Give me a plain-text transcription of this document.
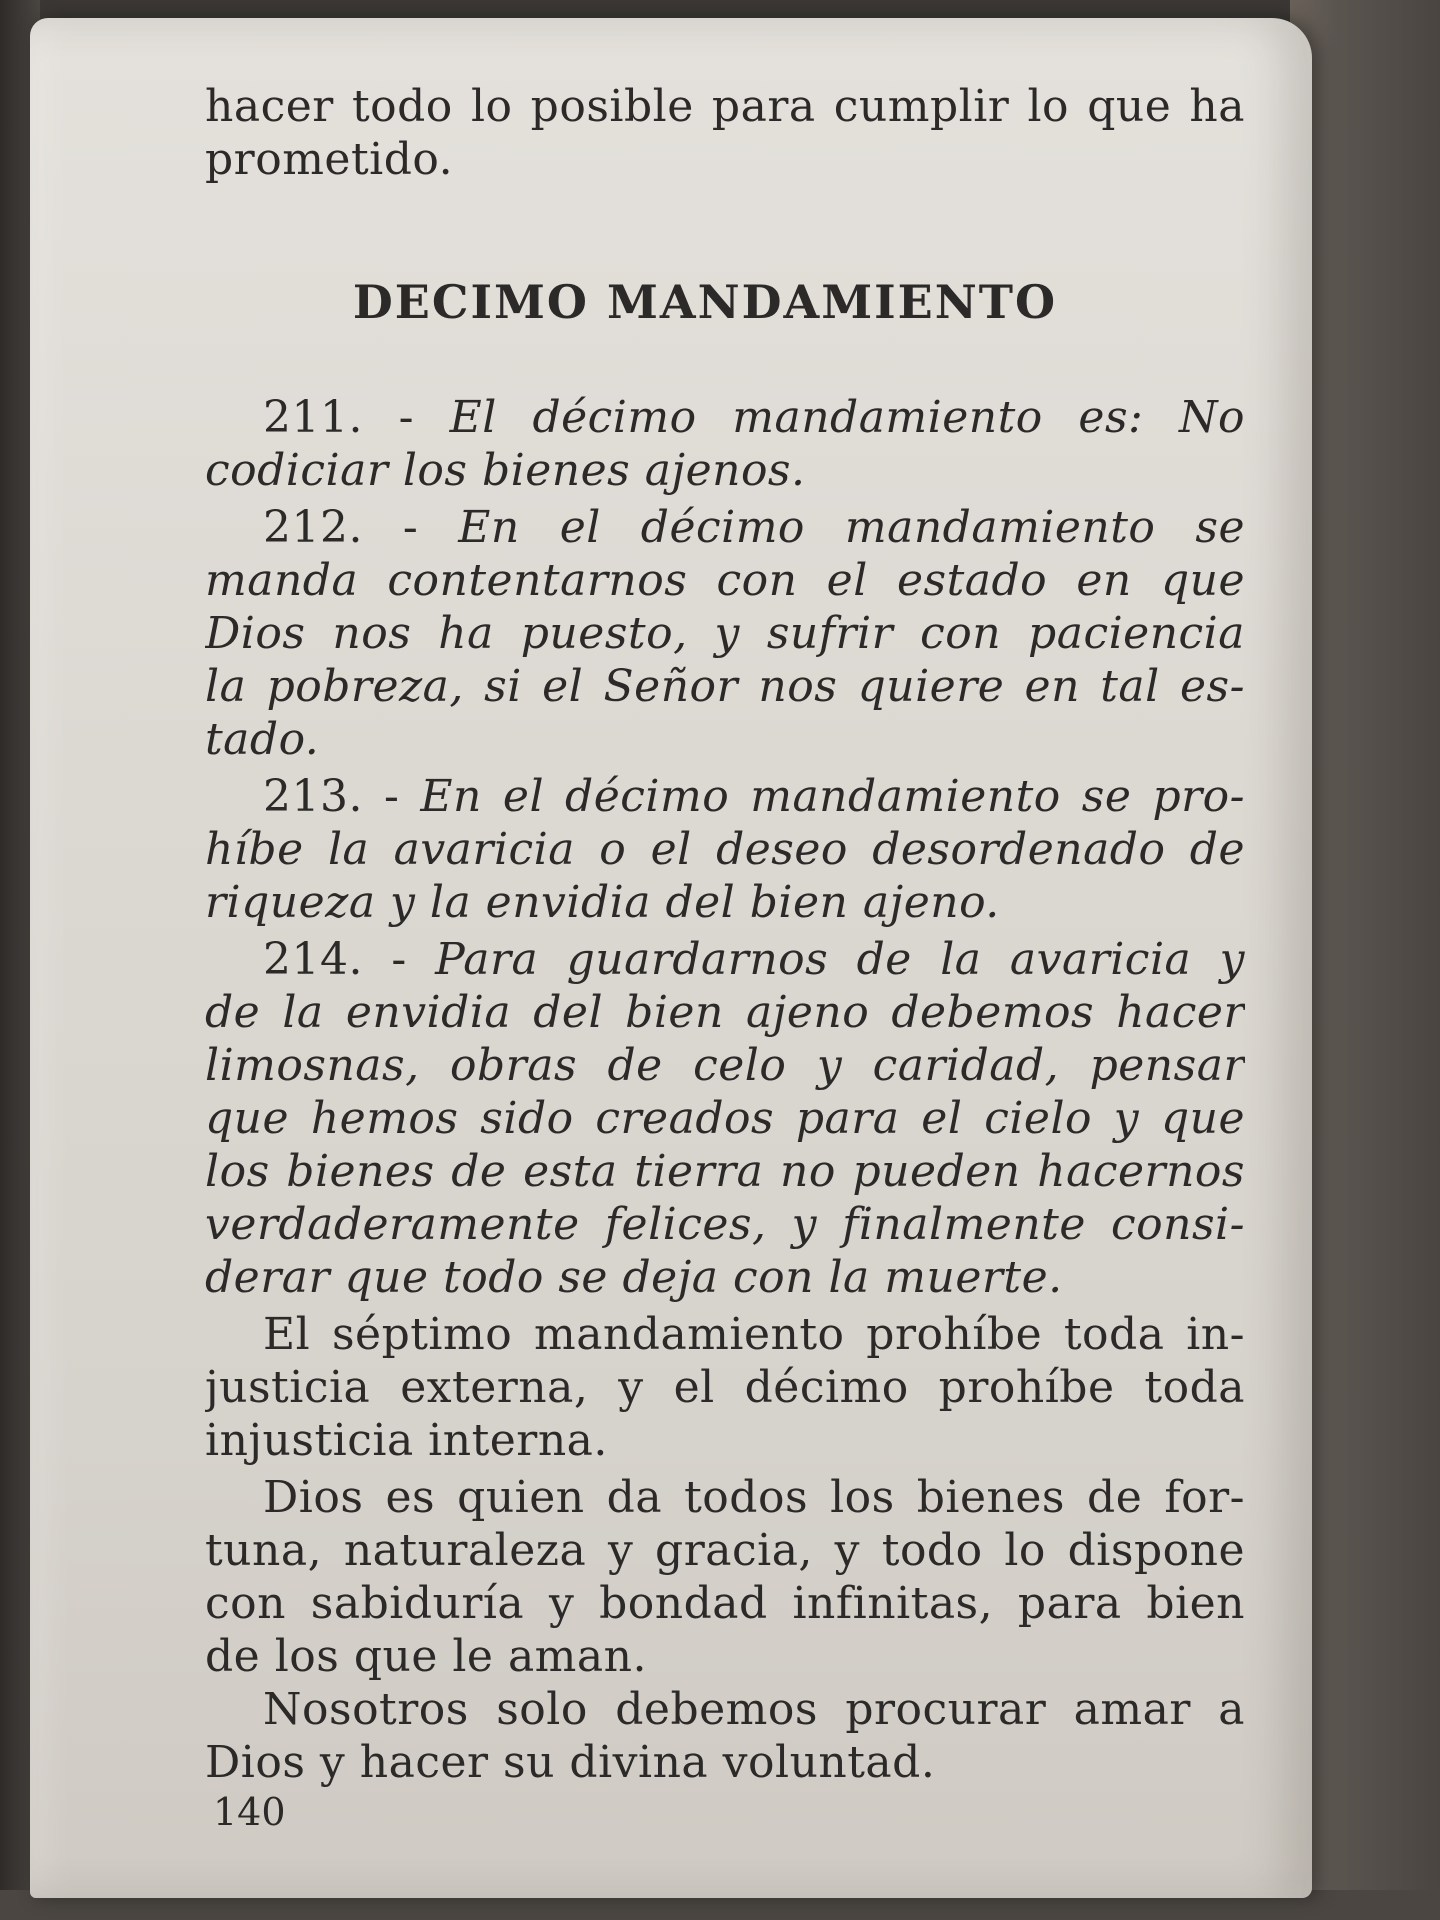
hacer todo lo posible para cumplir lo que ha
prometido.
DECIMO MANDAMIENTO
211. - El décimo mandamiento es: No
codiciar los bienes ajenos.
212. - En el décimo mandamiento se
manda contentarnos con el estado en que
Dios nos ha puesto, y sufrir con paciencia
la pobreza, si el Señor nos quiere en tal es-
tado.
213. - En el décimo mandamiento se pro-
híbe la avaricia o el deseo desordenado de
riqueza y la envidia del bien ajeno.
214. - Para guardarnos de la avaricia y
de la envidia del bien ajeno debemos hacer
limosnas, obras de celo y caridad, pensar
que hemos sido creados para el cielo y que
los bienes de esta tierra no pueden hacernos
verdaderamente felices, y finalmente consi-
derar que todo se deja con la muerte.
El séptimo mandamiento prohíbe toda in-
justicia externa, y el décimo prohíbe toda
injusticia interna.
Dios es quien da todos los bienes de for-
tuna, naturaleza y gracia, y todo lo dispone
con sabiduría y bondad infinitas, para bien
de los que le aman.
Nosotros solo debemos procurar amar a
Dios y hacer su divina voluntad.
140
